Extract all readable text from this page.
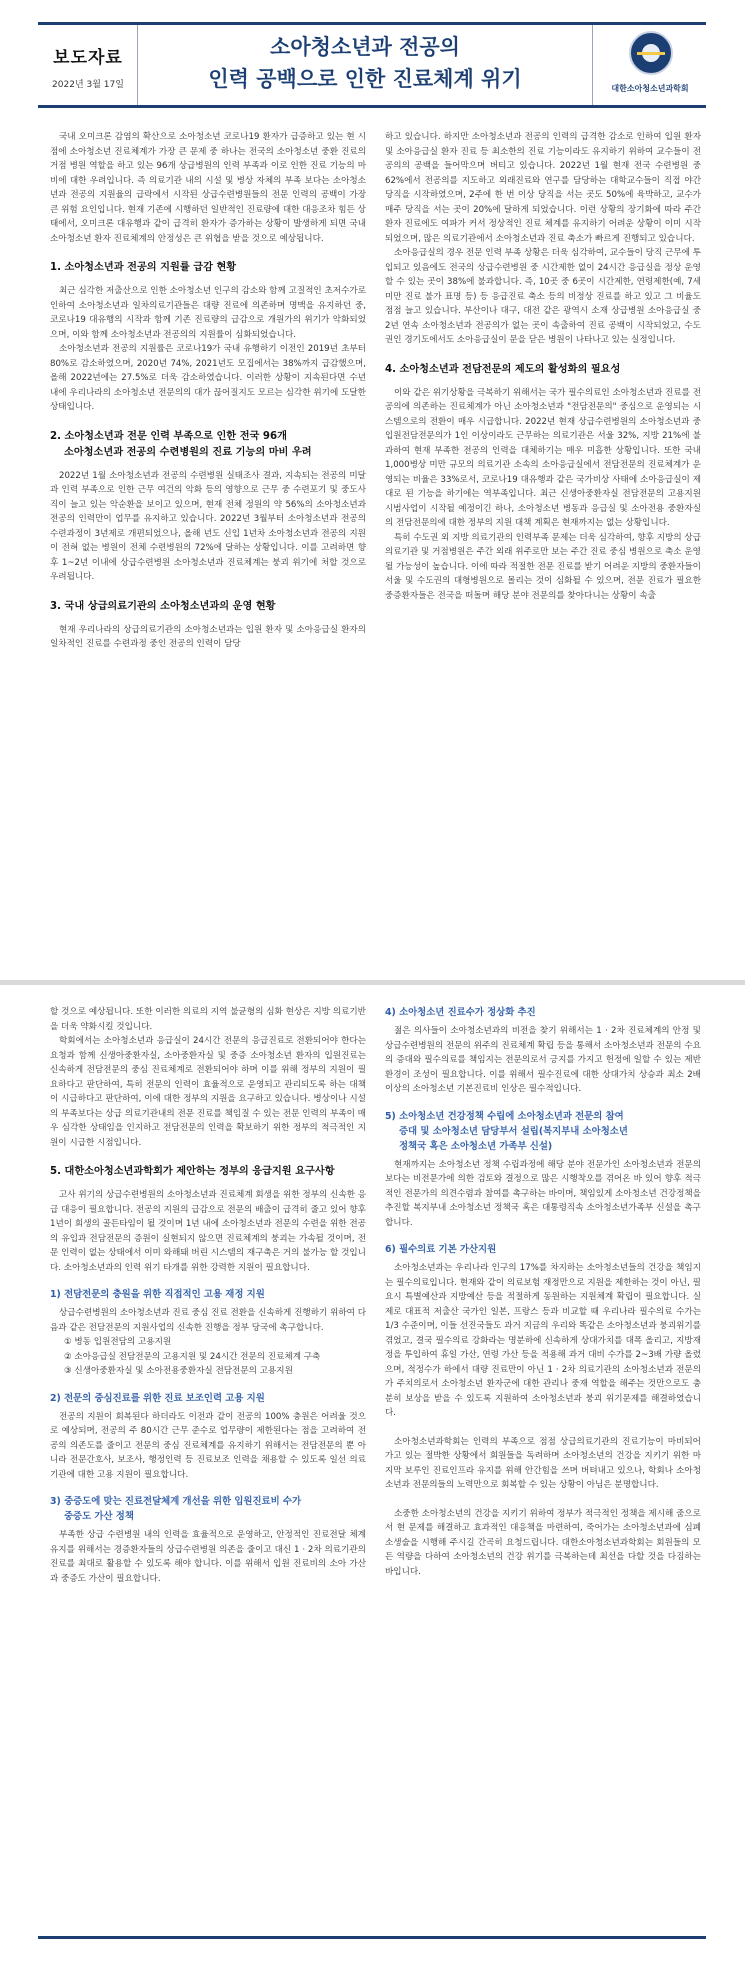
보도자료
2022년 3월 17일
소아청소년과 전공의
인력 공백으로 인한 진료체계 위기	대한소아청소년과학회

국내 오미크론 감염의 확산으로 소아청소년 코로나19 환자가 급증하고 있는 현 시점에 소아청소년 진료체계가 가장 큰 문제 중 하나는 전국의 소아청소년 중환 진료의 거점 병원 역할을 하고 있는 96개 상급병원의 인력 부족과 이로 인한 진료 기능의 마비에 대한 우려입니다. 즉 의료기관 내의 시설 및 병상 자체의 부족 보다는 소아청소년과 전공의 지원율의 급락에서 시작된 상급수련병원들의 전문 인력의 공백이 가장 큰 위험 요인입니다. 현재 기존에 시행하던 일반적인 진료량에 대한 대응조차 힘든 상태에서, 오미크론 대유행과 같이 급격히 환자가 증가하는 상황이 발생하게 되면 국내 소아청소년 환자 진료체계의 안정성은 큰 위협을 받을 것으로 예상됩니다.

1. 소아청소년과 전공의 지원률 급감 현황

최근 심각한 저출산으로 인한 소아청소년 인구의 감소와 함께 고질적인 초저수가로 인하여 소아청소년과 일차의료기관들은 대량 진료에 의존하며 명맥을 유지하던 중, 코로나19 대유행의 시작과 함께 기존 진료량의 급감으로 개원가의 위기가 악화되었으며, 이와 함께 소아청소년과 전공의의 지원률이 심화되었습니다.

소아청소년과 전공의 지원률은 코로나19가 국내 유행하기 이전인 2019년 초부터 80%로 감소하였으며, 2020년 74%, 2021년도 모집에서는 38%까지 급감했으며, 올해 2022년에는 27.5%로 더욱 감소하였습니다. 이러한 상황이 지속된다면 수년 내에 우리나라의 소아청소년 전문의의 대가 끊어질지도 모르는 심각한 위기에 도달한 상태입니다.

2. 소아청소년과 전문 인력 부족으로 인한 전국 96개
소아청소년과 전공의 수련병원의 진료 기능의 마비 우려

2022년 1월 소아청소년과 전공의 수련병원 실태조사 결과, 지속되는 전공의 미달과 인력 부족으로 인한 근무 여건의 악화 등의 영향으로 근무 중 수련포기 및 중도사직이 늘고 있는 악순환을 보이고 있으며, 현재 전체 정원의 약 56%의 소아청소년과 전공의 인력만이 업무를 유지하고 있습니다. 2022년 3월부터 소아청소년과 전공의 수련과정이 3년제로 개편되었으나, 올해 년도 신입 1년차 소아청소년과 전공의 지원이 전혀 없는 병원이 전체 수련병원의 72%에 달하는 상황입니다. 이를 고려하면 향후 1~2년 이내에 상급수련병원 소아청소년과 진료체계는 붕괴 위기에 처할 것으로 우려됩니다.

3. 국내 상급의료기관의 소아청소년과의 운영 현황

현재 우리나라의 상급의료기관의 소아청소년과는 입원 환자 및 소아응급실 환자의 일차적인 진료를 수련과정 중인 전공의 인력이 담당

하고 있습니다. 하지만 소아청소년과 전공의 인력의 급격한 감소로 인하여 입원 환자 및 소아응급실 환자 진료 등 최소한의 진료 기능이라도 유지하기 위하여 교수들이 전공의의 공백을 들어막으며 버티고 있습니다. 2022년 1월 현재 전국 수련병원 중 62%에서 전공의를 지도하고 외래진료와 연구를 담당하는 대학교수들이 직접 야간 당직을 시작하였으며, 2주에 한 번 이상 당직을 서는 곳도 50%에 육박하고, 교수가 매주 당직을 서는 곳이 20%에 달하게 되었습니다. 이런 상황의 장기화에 따라 주간 환자 진료에도 여파가 커서 정상적인 진료 체계를 유지하기 어려운 상황이 이미 시작되었으며, 많은 의료기관에서 소아청소년과 진료 축소가 빠르게 진행되고 있습니다.

소아응급실의 경우 전문 인력 부족 상황은 더욱 심각하여, 교수들이 당직 근무에 투입되고 있음에도 전국의 상급수련병원 중 시간제한 없이 24시간 응급실을 정상 운영할 수 있는 곳이 38%에 불과합니다. 즉, 10곳 중 6곳이 시간제한, 연령제한(예, 7세 미만 진료 불가 표명 등) 등 응급진료 축소 등의 비정상 진료를 하고 있고 그 비율도 점점 늘고 있습니다. 부산이나 대구, 대전 같은 광역시 소재 상급병원 소아응급실 중 2년 연속 소아청소년과 전공의가 없는 곳이 속출하여 진료 공백이 시작되었고, 수도권인 경기도에서도 소아응급실이 문을 닫은 병원이 나타나고 있는 실정입니다.

4. 소아청소년과 전담전문의 제도의 활성화의 필요성

이와 같은 위기상황을 극복하기 위해서는 국가 필수의료인 소아청소년과 진료를 전공의에 의존하는 진료체계가 아닌 소아청소년과 "전담전문의" 중심으로 운영되는 시스템으로의 전환이 매우 시급합니다. 2022년 현재 상급수련병원의 소아청소년과 중 입원전담전문의가 1인 이상이라도 근무하는 의료기관은 서울 32%, 지방 21%에 불과하여 현재 부족한 전공의 인력을 대체하기는 매우 미흡한 상황입니다. 또한 국내 1,000병상 미만 규모의 의료기관 소속의 소아응급실에서 전담전문의 진료체계가 운영되는 비율은 33%로서, 코로나19 대유행과 같은 국가비상 사태에 소아응급실이 제대로 된 기능을 하기에는 역부족입니다. 최근 신생아중환자실 전담전문의 고용지원 시범사업이 시작될 예정이긴 하나, 소아청소년 병동과 응급실 및 소아전용 중환자실의 전담전문의에 대한 정부의 지원 대책 계획은 현재까지는 없는 상황입니다.

특히 수도권 외 지방 의료기관의 인력부족 문제는 더욱 심각하여, 향후 지방의 상급의료기관 및 거점병원은 주간 외래 위주로만 보는 주간 진료 중심 병원으로 축소 운영될 가능성이 높습니다. 이에 따라 적절한 전문 진료를 받기 어려운 지방의 중환자들이 서울 및 수도권의 대형병원으로 몰리는 것이 심화될 수 있으며, 전문 진료가 필요한 중증환자들은 전국을 떠돌며 해당 분야 전문의를 찾아다니는 상황이 속출

할 것으로 예상됩니다. 또한 이러한 의료의 지역 불균형의 심화 현상은 지방 의료기반을 더욱 약화시킬 것입니다.

학회에서는 소아청소년과 응급실이 24시간 전문의 응급진료로 전환되어야 한다는 요청과 함께 신생아중환자실, 소아중환자실 및 중증 소아청소년 환자의 입원진료는 신속하게 전담전문의 중심 진료체계로 전환되어야 하며 이를 위해 정부의 지원이 필요하다고 판단하여, 특히 전문의 인력이 효율적으로 운영되고 관리되도록 하는 대책이 시급하다고 판단하여, 이에 대한 정부의 지원을 요구하고 있습니다. 병상이나 시설의 부족보다는 상급 의료기관내의 전문 진료를 책임질 수 있는 전문 인력의 부족이 매우 심각한 상태임을 인지하고 전담전문의 인력을 확보하기 위한 정부의 적극적인 지원이 시급한 시점입니다.

5. 대한소아청소년과학회가 제안하는 정부의 응급지원 요구사항

고사 위기의 상급수련병원의 소아청소년과 진료체계 회생을 위한 정부의 신속한 응급 대응이 필요합니다. 전공의 지원의 급감으로 전문의 배출이 급격히 줄고 있어 향후 1년이 회생의 골든타임이 될 것이며 1년 내에 소아청소년과 전문의 수련을 위한 전공의 유입과 전담전문의 증원이 실현되지 않으면 진료체계의 붕괴는 가속될 것이며, 전문 인력이 없는 상태에서 이미 와해돼 버린 시스템의 재구축은 거의 불가능 할 것입니다. 소아청소년과의 인력 위기 타개를 위한 강력한 지원이 필요합니다.

1) 전담전문의 충원을 위한 직접적인 고용 재정 지원

상급수련병원의 소아청소년과 진료 중심 진료 전환을 신속하게 진행하기 위하여 다음과 같은 전담전문의 지원사업의 신속한 진행을 정부 당국에 촉구합니다.

① 병동 입원전담의 고용지원

② 소아응급실 전담전문의 고용지원 및 24시간 전문의 진료체계 구축

③ 신생아중환자실 및 소아전용중환자실 전담전문의 고용지원

2) 전문의 중심진료를 위한 진료 보조인력 고용 지원

전공의 지원이 회복된다 하더라도 이전과 같이 전공의 100% 충원은 어려울 것으로 예상되며, 전공의 주 80시간 근무 준수로 업무량이 제한된다는 점을 고려하여 전공의 의존도를 줄이고 전문의 중심 진료체계를 유지하기 위해서는 전담전문의 뿐 아니라 전문간호사, 보조사, 행정인력 등 진료보조 인력을 채용할 수 있도록 일선 의료기관에 대한 고용 지원이 필요합니다.

3) 중증도에 맞는 진료전달체계 개선을 위한 입원진료비 수가
중증도 가산 정책

부족한 상급 수련병원 내의 인력을 효율적으로 운영하고, 안정적인 진료전달 체계유지를 위해서는 경증환자들의 상급수련병원 의존을 줄이고 대신 1 · 2차 의료기관의 진료를 최대로 활용할 수 있도록 해야 합니다. 이를 위해서 입원 진료비의 소아 가산과 중증도 가산이 필요합니다.

4) 소아청소년 진료수가 정상화 추진

젊은 의사들이 소아청소년과의 비전을 찾기 위해서는 1 · 2차 진료체계의 안정 및 상급수련병원의 전문의 위주의 진료체계 확립 등을 통해서 소아청소년과 전문의 수요의 증대와 필수의료를 책임지는 전문의로서 긍지를 가지고 헌정에 일할 수 있는 제반 환경이 조성이 필요합니다. 이를 위해서 필수진료에 대한 상대가치 상승과 최소 2배 이상의 소아청소년 기본진료비 인상은 필수적입니다.

5) 소아청소년 건강정책 수립에 소아청소년과 전문의 참여
증대 및 소아청소년 담당부서 설립(복지부내 소아청소년
정책국 혹은 소아청소년 가족부 신설)

현재까지는 소아청소년 정책 수립과정에 해당 분야 전문가인 소아청소년과 전문의보다는 비전문가에 의한 검토와 결정으로 많은 시행착오를 겪어온 바 있어 향후 적극적인 전문가의 의견수렴과 참여를 촉구하는 바이며, 책임있게 소아청소년 건강정책을 추진할 복지부내 소아청소년 정책국 혹은 대통령직속 소아청소년가족부 신설을 촉구합니다.

6) 필수의료 기본 가산지원

소아청소년과는 우리나라 인구의 17%를 차지하는 소아청소년들의 건강을 책임지는 필수의료입니다. 현재와 같이 의료보험 재정만으로 지원을 제한하는 것이 아닌, 필요시 특별예산과 지방예산 등을 적절하게 동원하는 지원체계 확립이 필요합니다. 실제로 대표적 저출산 국가인 일본, 프랑스 등과 비교할 때 우리나라 필수의료 수가는 1/3 수준이며, 이들 선진국들도 과거 지금의 우리와 똑같은 소아청소년과 붕괴위기를 겪었고, 결국 필수의료 강화라는 명분하에 신속하게 상대가치를 대폭 올리고, 지방재정을 투입하여 휴일 가산, 연령 가산 등을 적용해 과거 대비 수가를 2~3배 가량 올렸으며, 적정수가 하에서 대량 진료만이 아닌 1 · 2차 의료기관의 소아청소년과 전문의가 주치의로서 소아청소년 환자군에 대한 관리나 중재 역할을 해주는 것만으로도 충분히 보상을 받을 수 있도록 지원하여 소아청소년과 붕괴 위기문제를 해결하였습니다.

소아청소년과학회는 인력의 부족으로 점점 상급의료기관의 진료기능이 마비되어 가고 있는 절박한 상황에서 회원들을 독려하며 소아청소년의 건강을 지키기 위한 마지막 보루인 진료인프라 유지를 위해 안간힘을 쓰며 버텨내고 있으나, 학회나 소아청소년과 전문의들의 노력만으로 회복할 수 있는 상황이 아님은 분명합니다.

소중한 소아청소년의 건강을 지키기 위하여 정부가 적극적인 정책을 제시해 줌으로서 현 문제를 해결하고 효과적인 대응책을 마련하여, 죽어가는 소아청소년과에 심폐소생술을 시행해 주시길 간곡히 요청드립니다. 대한소아청소년과학회는 회원들의 모든 역량을 다하여 소아청소년의 건강 위기를 극복하는데 최선을 다할 것을 다짐하는 바입니다.
